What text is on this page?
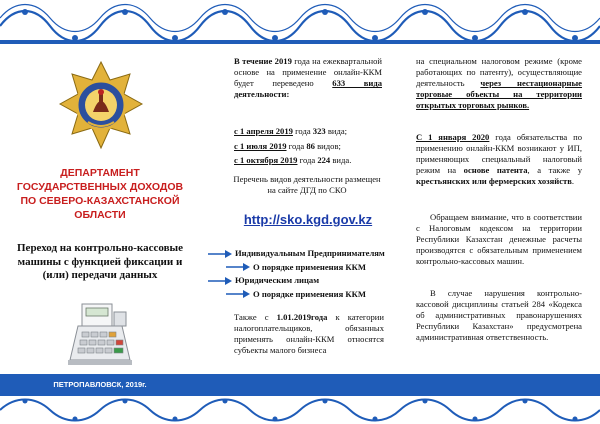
ДЕПАРТАМЕНТ ГОСУДАРСТВЕННЫХ ДОХОДОВ ПО СЕВЕРО-КАЗАХСТАНСКОЙ ОБЛАСТИ
Переход на контрольно-кассовые машины с функцией фиксации и (или) передачи данных
В течение 2019 года на ежеквартальной основе на применение онлайн-ККМ будет переведено 633 вида деятельности:
с 1 апреля 2019 года 323 вида;
с 1 июля 2019 года 86 видов;
с 1 октября 2019 года 224 вида.
Перечень видов деятельности размещен на сайте ДГД по СКО
http://sko.kgd.gov.kz
Индивидуальным Предпринимателям
О порядке применения ККМ
Юридическим лицам
О порядке применения ККМ
Также с 1.01.2019года к категории налогоплательщиков, обязанных применять онлайн-ККМ относятся субъекты малого бизнеса
на специальном налоговом режиме (кроме работающих по патенту), осуществляющие деятельность через нестационарные торговые объекты на территории открытых торговых рынков.
С 1 января 2020 года обязательства по применению онлайн-ККМ возникают у ИП, применяющих специальный налоговый режим на основе патента, а также у крестьянских или фермерских хозяйств.
Обращаем внимание, что в соответствии с Налоговым кодексом на территории Республики Казахстан денежные расчеты производятся с обязательным применением контрольно-кассовых машин.
В случае нарушения контрольно-кассовой дисциплины статьей 284 «Кодекса об административных правонарушениях Республики Казахстан» предусмотрена административная ответственность.
ПЕТРОПАВЛОВСК, 2019г.
